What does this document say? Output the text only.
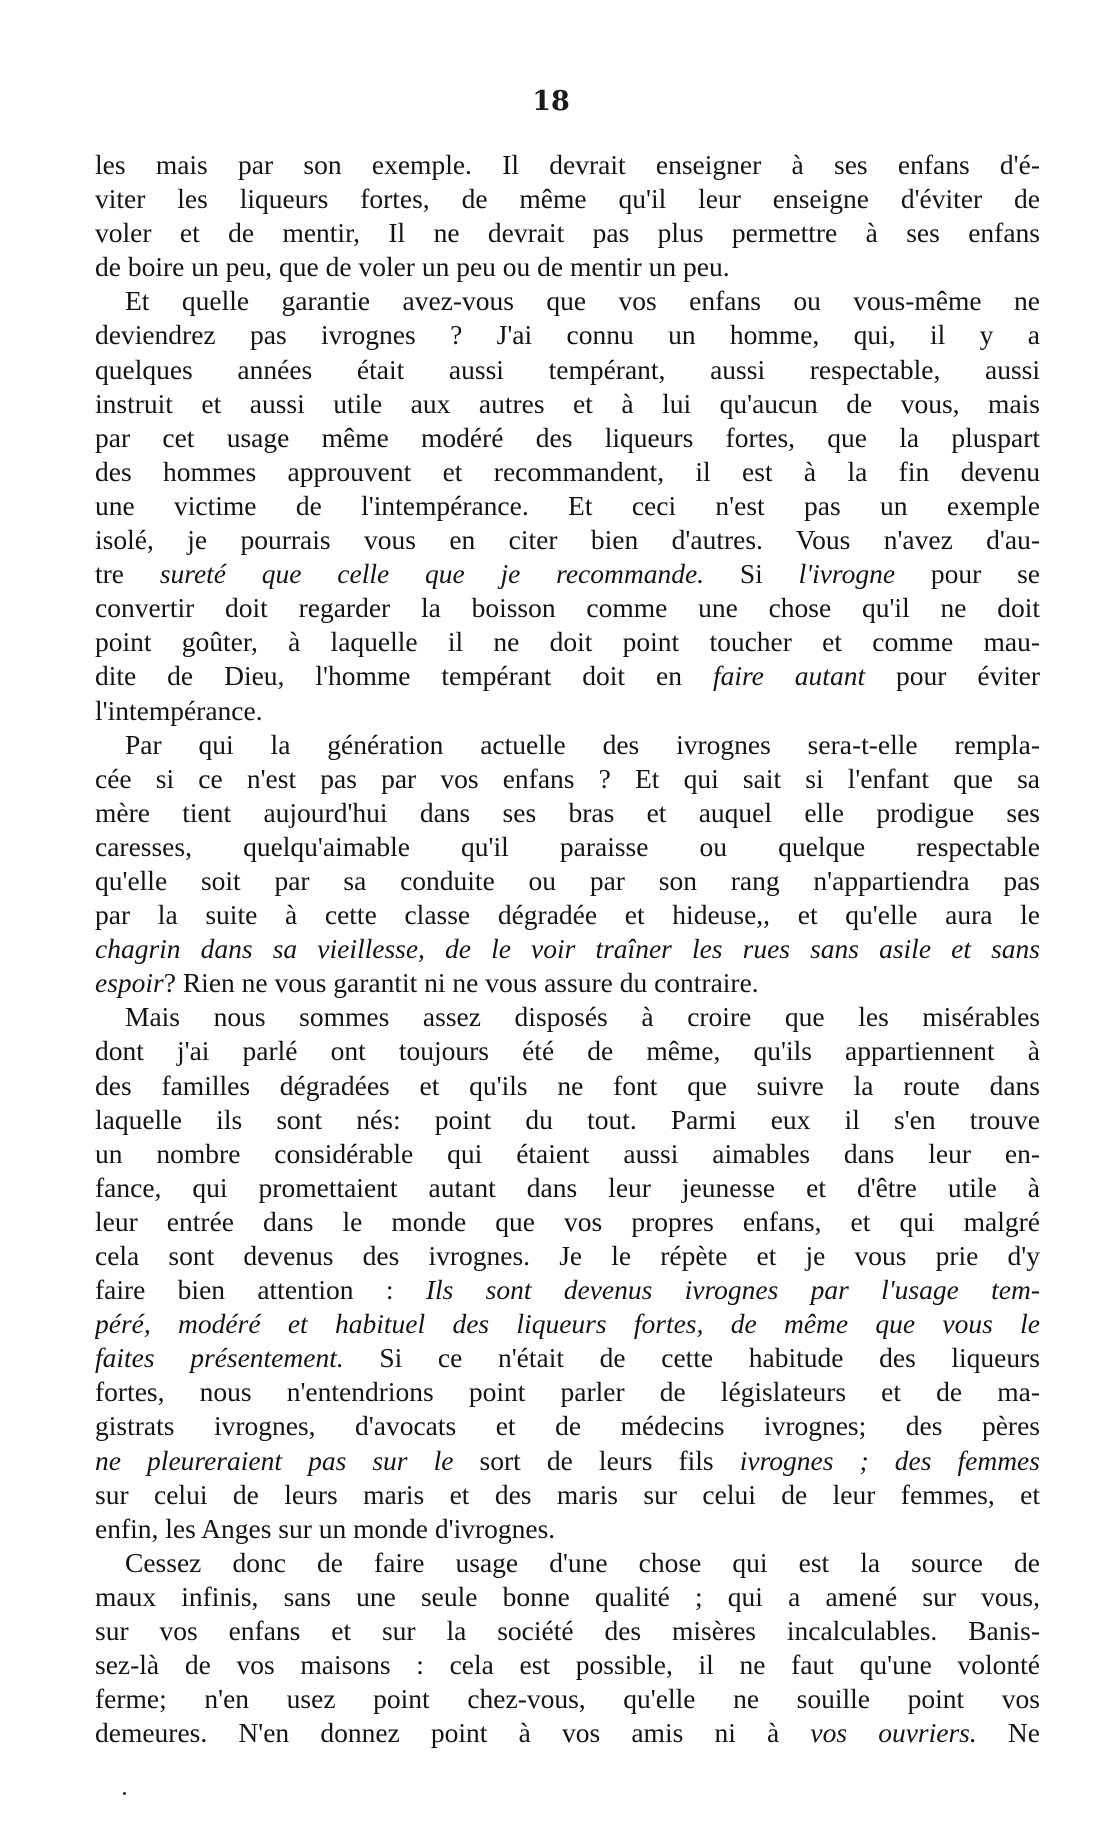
18
les mais par son exemple. Il devrait enseigner à ses enfans d'é-
viter les liqueurs fortes, de même qu'il leur enseigne d'éviter de
voler et de mentir, Il ne devrait pas plus permettre à ses enfans
de boire un peu, que de voler un peu ou de mentir un peu.
Et quelle garantie avez-vous que vos enfans ou vous-même ne
deviendrez pas ivrognes ? J'ai connu un homme, qui, il y a
quelques années était aussi tempérant, aussi respectable, aussi
instruit et aussi utile aux autres et à lui qu'aucun de vous, mais
par cet usage même modéré des liqueurs fortes, que la pluspart
des hommes approuvent et recommandent, il est à la fin devenu
une victime de l'intempérance. Et ceci n'est pas un exemple
isolé, je pourrais vous en citer bien d'autres. Vous n'avez d'au-
tre sureté que celle que je recommande. Si l'ivrogne pour se
convertir doit regarder la boisson comme une chose qu'il ne doit
point goûter, à laquelle il ne doit point toucher et comme mau-
dite de Dieu, l'homme tempérant doit en faire autant pour éviter
l'intempérance.
Par qui la génération actuelle des ivrognes sera-t-elle rempla-
cée si ce n'est pas par vos enfans ? Et qui sait si l'enfant que sa
mère tient aujourd'hui dans ses bras et auquel elle prodigue ses
caresses, quelqu'aimable qu'il paraisse ou quelque respectable
qu'elle soit par sa conduite ou par son rang n'appartiendra pas
par la suite à cette classe dégradée et hideuse,, et qu'elle aura le
chagrin dans sa vieillesse, de le voir traîner les rues sans asile et sans
espoir? Rien ne vous garantit ni ne vous assure du contraire.
Mais nous sommes assez disposés à croire que les misérables
dont j'ai parlé ont toujours été de même, qu'ils appartiennent à
des familles dégradées et qu'ils ne font que suivre la route dans
laquelle ils sont nés: point du tout. Parmi eux il s'en trouve
un nombre considérable qui étaient aussi aimables dans leur en-
fance, qui promettaient autant dans leur jeunesse et d'être utile à
leur entrée dans le monde que vos propres enfans, et qui malgré
cela sont devenus des ivrognes. Je le répète et je vous prie d'y
faire bien attention : Ils sont devenus ivrognes par l'usage tem-
péré, modéré et habituel des liqueurs fortes, de même que vous le
faites présentement. Si ce n'était de cette habitude des liqueurs
fortes, nous n'entendrions point parler de législateurs et de ma-
gistrats ivrognes, d'avocats et de médecins ivrognes; des pères
ne pleureraient pas sur le sort de leurs fils ivrognes ; des femmes
sur celui de leurs maris et des maris sur celui de leur femmes, et
enfin, les Anges sur un monde d'ivrognes.
Cessez donc de faire usage d'une chose qui est la source de
maux infinis, sans une seule bonne qualité ; qui a amené sur vous,
sur vos enfans et sur la société des misères incalculables. Banis-
sez-là de vos maisons : cela est possible, il ne faut qu'une volonté
ferme; n'en usez point chez-vous, qu'elle ne souille point vos
demeures. N'en donnez point à vos amis ni à vos ouvriers. Ne
